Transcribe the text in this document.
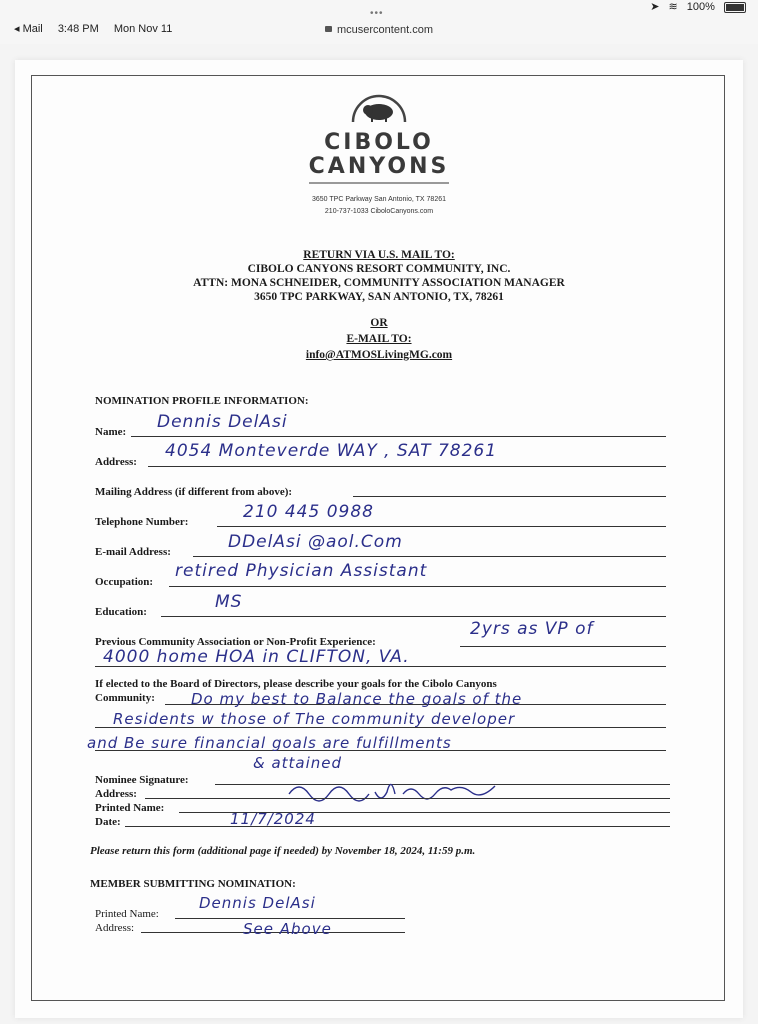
◂ Mail 3:48 PM Mon Nov 11
•••
mcusercontent.com
➤ ≋ 100%
CIBOLO
CANYONS
3650 TPC Parkway San Antonio, TX 78261
210-737-1033 CiboloCanyons.com
RETURN VIA U.S. MAIL TO:
CIBOLO CANYONS RESORT COMMUNITY, INC.
ATTN: MONA SCHNEIDER, COMMUNITY ASSOCIATION MANAGER
3650 TPC PARKWAY, SAN ANTONIO, TX, 78261
OR
E-MAIL TO:
info@ATMOSLivingMG.com
NOMINATION PROFILE INFORMATION:
Name: Dennis DelAsi
Address:
4054 Monteverde WAY , SAT 78261
Mailing Address (if different from above):
Telephone Number:	210 445 0988
E-mail Address:	DDelAsi @aol.Com
Occupation:
retired Physician Assistant
Education:	MS
Previous Community Association or Non-Profit Experience:
2yrs as VP of
4000 home HOA in CLIFTON, VA.
If elected to the Board of Directors, please describe your goals for the Cibolo Canyons
Community: Do my best to Balance the goals of the
Residents w those of The community developer
and Be sure financial goals are fulfillments
& attained
Nominee Signature:
Address:
Printed Name:
Date:	11/7/2024
Please return this form (additional page if needed) by November 18, 2024, 11:59 p.m.
MEMBER SUBMITTING NOMINATION:
Printed Name:
Dennis DelAsi
Address:	See Above
